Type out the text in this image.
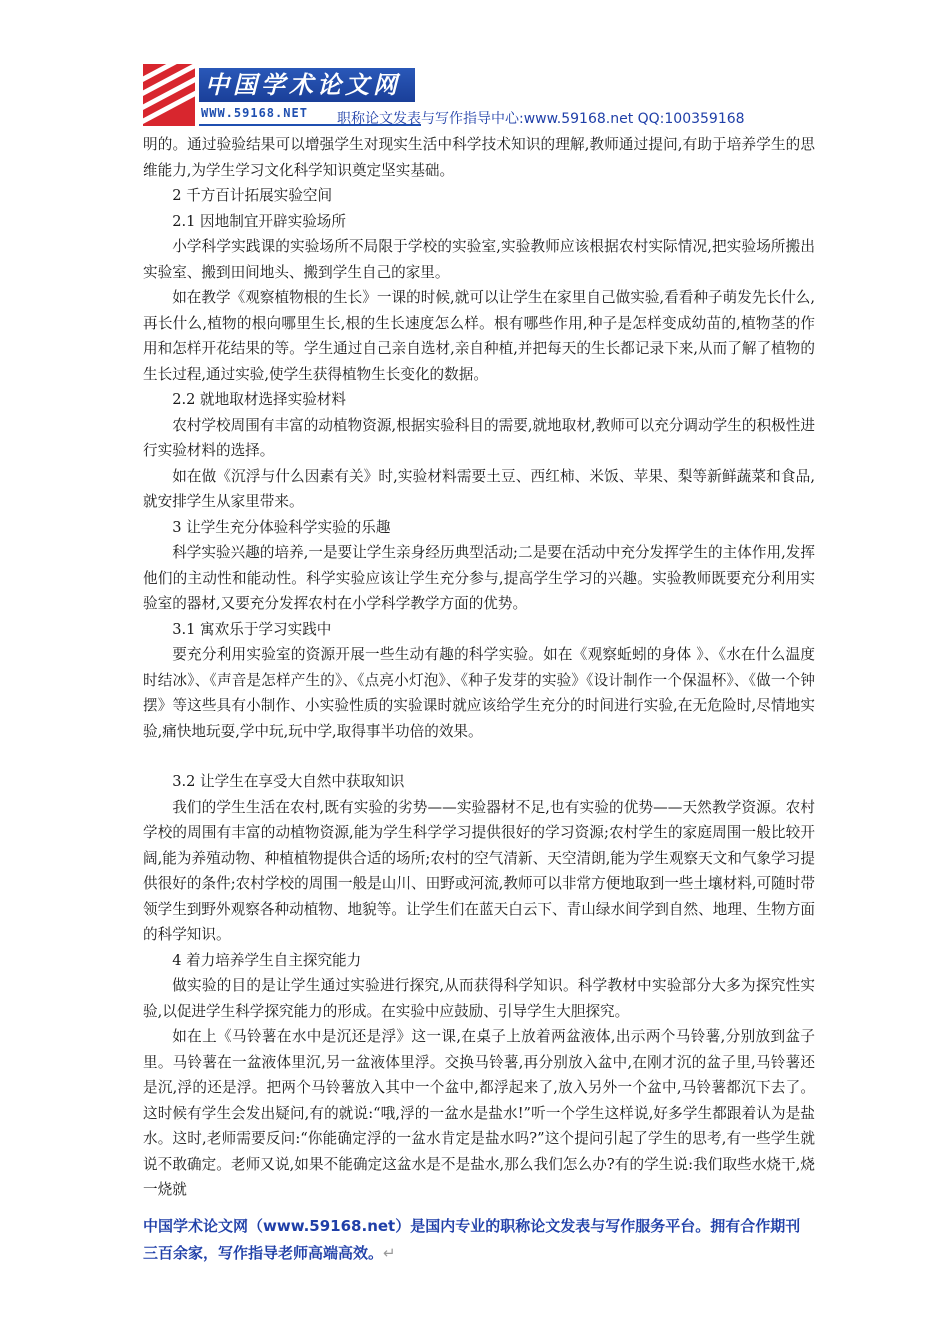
中国学术论文网
WWW.59168.NET 职称论文发表与写作指导中心:www.59168.net QQ:100359168

明的。通过验验结果可以增强学生对现实生活中科学技术知识的理解,教师通过提问,有助于培养学生的思维能力,为学生学习文化科学知识奠定坚实基础。

2 千方百计拓展实验空间

2.1 因地制宜开辟实验场所

小学科学实践课的实验场所不局限于学校的实验室,实验教师应该根据农村实际情况,把实验场所搬出实验室、搬到田间地头、搬到学生自己的家里。

如在教学《观察植物根的生长》一课的时候,就可以让学生在家里自己做实验,看看种子萌发先长什么,再长什么,植物的根向哪里生长,根的生长速度怎么样。根有哪些作用,种子是怎样变成幼苗的,植物茎的作用和怎样开花结果的等。学生通过自己亲自选材,亲自种植,并把每天的生长都记录下来,从而了解了植物的生长过程,通过实验,使学生获得植物生长变化的数据。

2.2 就地取材选择实验材料

农村学校周围有丰富的动植物资源,根据实验科目的需要,就地取材,教师可以充分调动学生的积极性进行实验材料的选择。

如在做《沉浮与什么因素有关》时,实验材料需要土豆、西红柿、米饭、苹果、梨等新鲜蔬菜和食品,就安排学生从家里带来。

3 让学生充分体验科学实验的乐趣

科学实验兴趣的培养,一是要让学生亲身经历典型活动;二是要在活动中充分发挥学生的主体作用,发挥他们的主动性和能动性。科学实验应该让学生充分参与,提高学生学习的兴趣。实验教师既要充分利用实验室的器材,又要充分发挥农村在小学科学教学方面的优势。

3.1 寓欢乐于学习实践中

要充分利用实验室的资源开展一些生动有趣的科学实验。如在《观察蚯蚓的身体 》、《水在什么温度时结冰》、《声音是怎样产生的》、《点亮小灯泡》、《种子发芽的实验》《设计制作一个保温杯》、《做一个钟摆》等这些具有小制作、小实验性质的实验课时就应该给学生充分的时间进行实验,在无危险时,尽情地实验,痛快地玩耍,学中玩,玩中学,取得事半功倍的效果。

3.2 让学生在享受大自然中获取知识

我们的学生生活在农村,既有实验的劣势——实验器材不足,也有实验的优势——天然教学资源。农村学校的周围有丰富的动植物资源,能为学生科学学习提供很好的学习资源;农村学生的家庭周围一般比较开阔,能为养殖动物、种植植物提供合适的场所;农村的空气清新、天空清朗,能为学生观察天文和气象学习提供很好的条件;农村学校的周围一般是山川、田野或河流,教师可以非常方便地取到一些土壤材料,可随时带领学生到野外观察各种动植物、地貌等。让学生们在蓝天白云下、青山绿水间学到自然、地理、生物方面的科学知识。

4 着力培养学生自主探究能力

做实验的目的是让学生通过实验进行探究,从而获得科学知识。科学教材中实验部分大多为探究性实验,以促进学生科学探究能力的形成。在实验中应鼓励、引导学生大胆探究。

如在上《马铃薯在水中是沉还是浮》这一课,在桌子上放着两盆液体,出示两个马铃薯,分别放到盆子里。马铃薯在一盆液体里沉,另一盆液体里浮。交换马铃薯,再分别放入盆中,在刚才沉的盆子里,马铃薯还是沉,浮的还是浮。把两个马铃薯放入其中一个盆中,都浮起来了,放入另外一个盆中,马铃薯都沉下去了。这时候有学生会发出疑问,有的就说:“哦,浮的一盆水是盐水!”听一个学生这样说,好多学生都跟着认为是盐水。这时,老师需要反问:“你能确定浮的一盆水肯定是盐水吗?”这个提问引起了学生的思考,有一些学生就说不敢确定。老师又说,如果不能确定这盆水是不是盐水,那么我们怎么办?有的学生说:我们取些水烧干,烧一烧就

中国学术论文网（www.59168.net）是国内专业的职称论文发表与写作服务平台。拥有合作期刊三百余家，写作指导老师高端高效。↵
